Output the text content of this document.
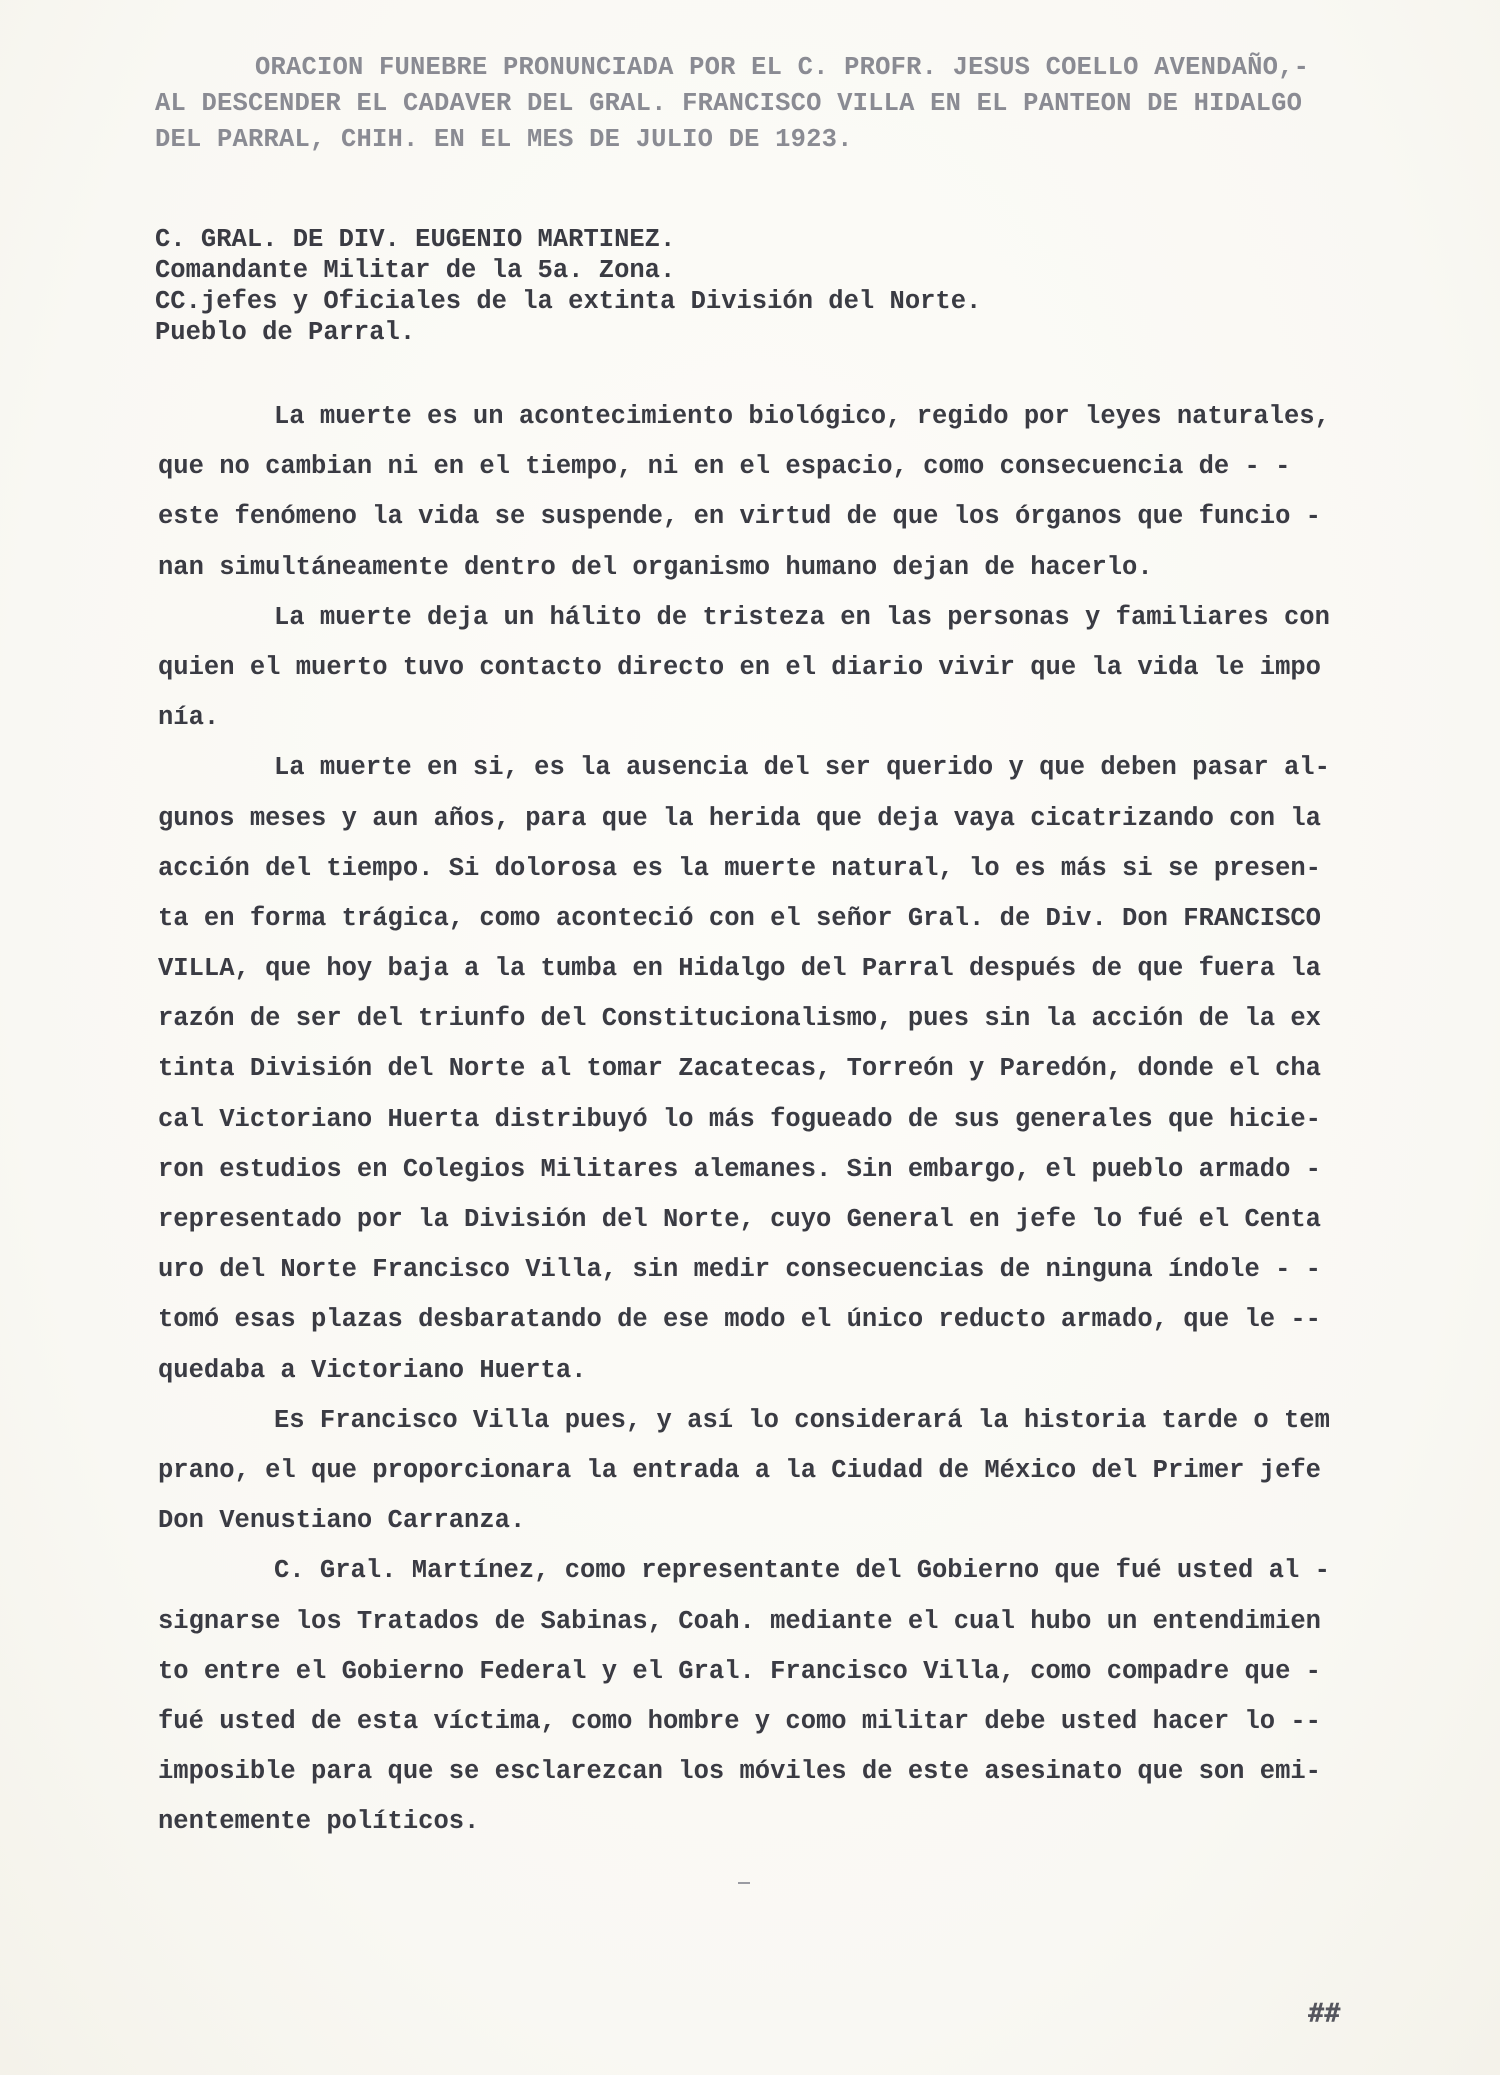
ORACION FUNEBRE PRONUNCIADA POR EL C. PROFR. JESUS COELLO AVENDAÑO,-
AL DESCENDER EL CADAVER DEL GRAL. FRANCISCO VILLA EN EL PANTEON DE HIDALGO
DEL PARRAL, CHIH. EN EL MES DE JULIO DE 1923.
C. GRAL. DE DIV. EUGENIO MARTINEZ.
Comandante Militar de la 5a. Zona.
CC.jefes y Oficiales de la extinta División del Norte.
Pueblo de Parral.
La muerte es un acontecimiento biológico, regido por leyes naturales,
que no cambian ni en el tiempo, ni en el espacio, como consecuencia de - -
este fenómeno la vida se suspende, en virtud de que los órganos que funcio -
nan simultáneamente dentro del organismo humano dejan de hacerlo.
La muerte deja un hálito de tristeza en las personas y familiares con
quien el muerto tuvo contacto directo en el diario vivir que la vida le impo
nía.
La muerte en si, es la ausencia del ser querido y que deben pasar al-
gunos meses y aun años, para que la herida que deja vaya cicatrizando con la
acción del tiempo. Si dolorosa es la muerte natural, lo es más si se presen-
ta en forma trágica, como aconteció con el señor Gral. de Div. Don FRANCISCO
VILLA, que hoy baja a la tumba en Hidalgo del Parral después de que fuera la
razón de ser del triunfo del Constitucionalismo, pues sin la acción de la ex
tinta División del Norte al tomar Zacatecas, Torreón y Paredón, donde el cha
cal Victoriano Huerta distribuyó lo más fogueado de sus generales que hicie-
ron estudios en Colegios Militares alemanes. Sin embargo, el pueblo armado -
representado por la División del Norte, cuyo General en jefe lo fué el Centa
uro del Norte Francisco Villa, sin medir consecuencias de ninguna índole - -
tomó esas plazas desbaratando de ese modo el único reducto armado, que le --
quedaba a Victoriano Huerta.
Es Francisco Villa pues, y así lo considerará la historia tarde o tem
prano, el que proporcionara la entrada a la Ciudad de México del Primer jefe
Don Venustiano Carranza.
C. Gral. Martínez, como representante del Gobierno que fué usted al -
signarse los Tratados de Sabinas, Coah. mediante el cual hubo un entendimien
to entre el Gobierno Federal y el Gral. Francisco Villa, como compadre que -
fué usted de esta víctima, como hombre y como militar debe usted hacer lo --
imposible para que se esclarezcan los móviles de este asesinato que son emi-
nentemente políticos.
##
